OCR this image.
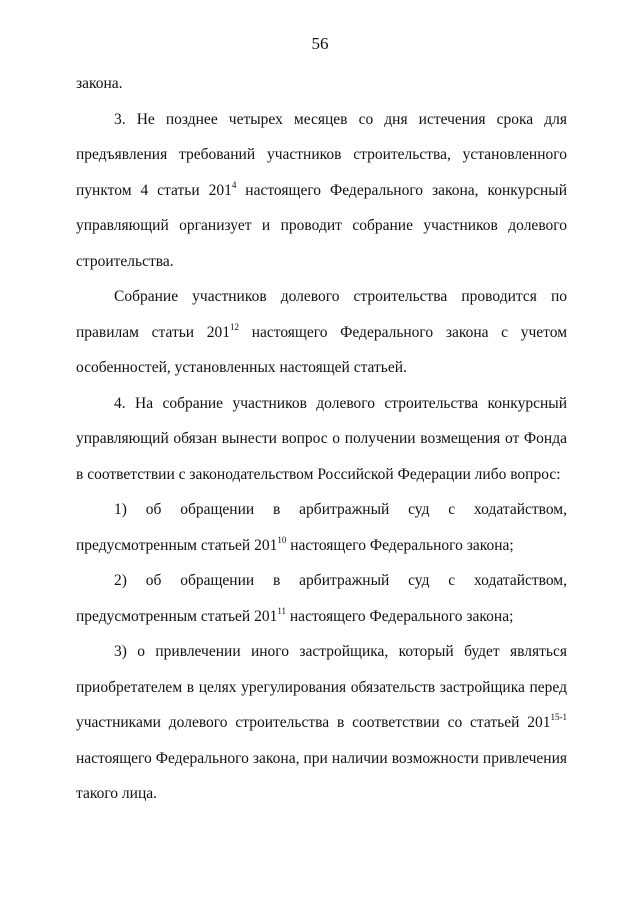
56

закона.

3. Не позднее четырех месяцев со дня истечения срока для предъявления требований участников строительства, установленного пунктом 4 статьи $201^4$ настоящего Федерального закона, конкурсный управляющий организует и проводит собрание участников долевого строительства.

Собрание участников долевого строительства проводится по правилам статьи $201^{12}$ настоящего Федерального закона с учетом особенностей, установленных настоящей статьей.

4. На собрание участников долевого строительства конкурсный управляющий обязан вынести вопрос о получении возмещения от Фонда в соответствии с законодательством Российской Федерации либо вопрос:

1) об обращении в арбитражный суд с ходатайством, предусмотренным статьей $201^{10}$ настоящего Федерального закона;

2) об обращении в арбитражный суд с ходатайством, предусмотренным статьей $201^{11}$ настоящего Федерального закона;

3) о привлечении иного застройщика, который будет являться приобретателем в целях урегулирования обязательств застройщика перед участниками долевого строительства в соответствии со статьей 201$^{15-1}$ настоящего Федерального закона, при наличии возможности привлечения такого лица.
